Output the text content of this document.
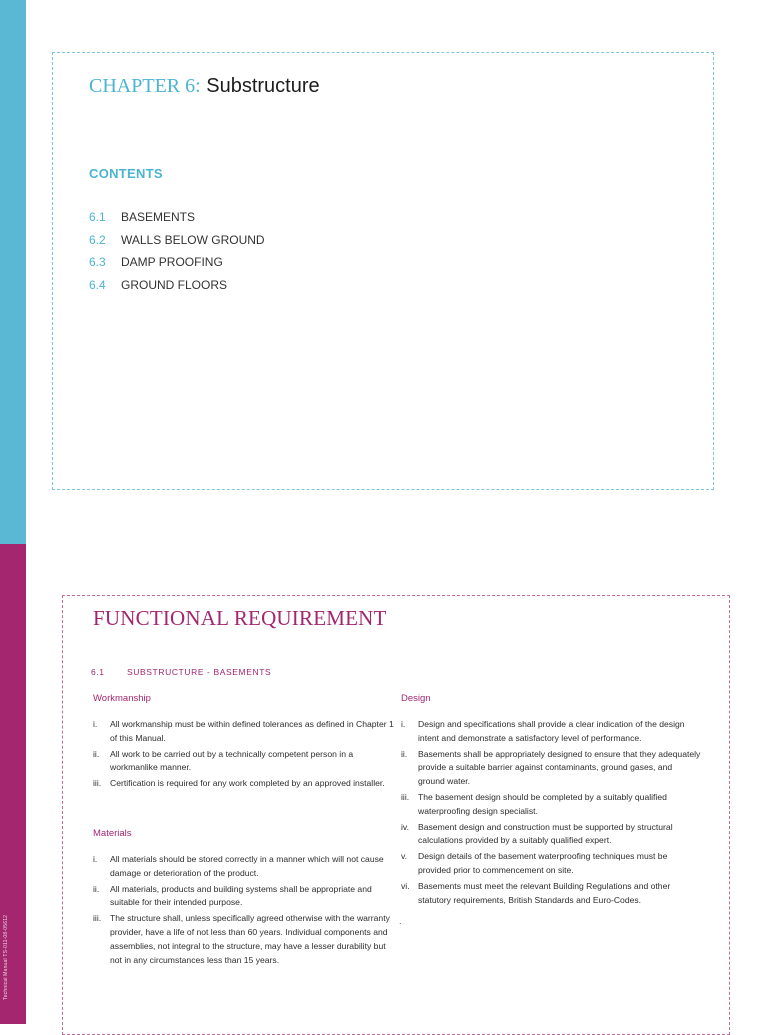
Technical Manual TS-011-08-05612
CHAPTER 6: Substructure
CONTENTS
6.1 BASEMENTS
6.2 WALLS BELOW GROUND
6.3 DAMP PROOFING
6.4 GROUND FLOORS
FUNCTIONAL REQUIREMENT
6.1	SUBSTRUCTURE - BASEMENTS
Workmanship
i. All workmanship must be within defined tolerances as defined in Chapter 1 of this Manual.
ii. All work to be carried out by a technically competent person in a workmanlike manner.
iii. Certification is required for any work completed by an approved installer.
Materials
i. All materials should be stored correctly in a manner which will not cause damage or deterioration of the product.
ii. All materials, products and building systems shall be appropriate and suitable for their intended purpose.
iii. The structure shall, unless specifically agreed otherwise with the warranty provider, have a life of not less than 60 years. Individual components and assemblies, not integral to the structure, may have a lesser durability but not in any circumstances less than 15 years.
Design
i. Design and specifications shall provide a clear indication of the design intent and demonstrate a satisfactory level of performance.
ii. Basements shall be appropriately designed to ensure that they adequately provide a suitable barrier against contaminants, ground gases, and ground water.
iii. The basement design should be completed by a suitably qualified waterproofing design specialist.
iv. Basement design and construction must be supported by structural calculations provided by a suitably qualified expert.
v. Design details of the basement waterproofing techniques must be provided prior to commencement on site.
vi. Basements must meet the relevant Building Regulations and other statutory requirements, British Standards and Euro-Codes.
.
